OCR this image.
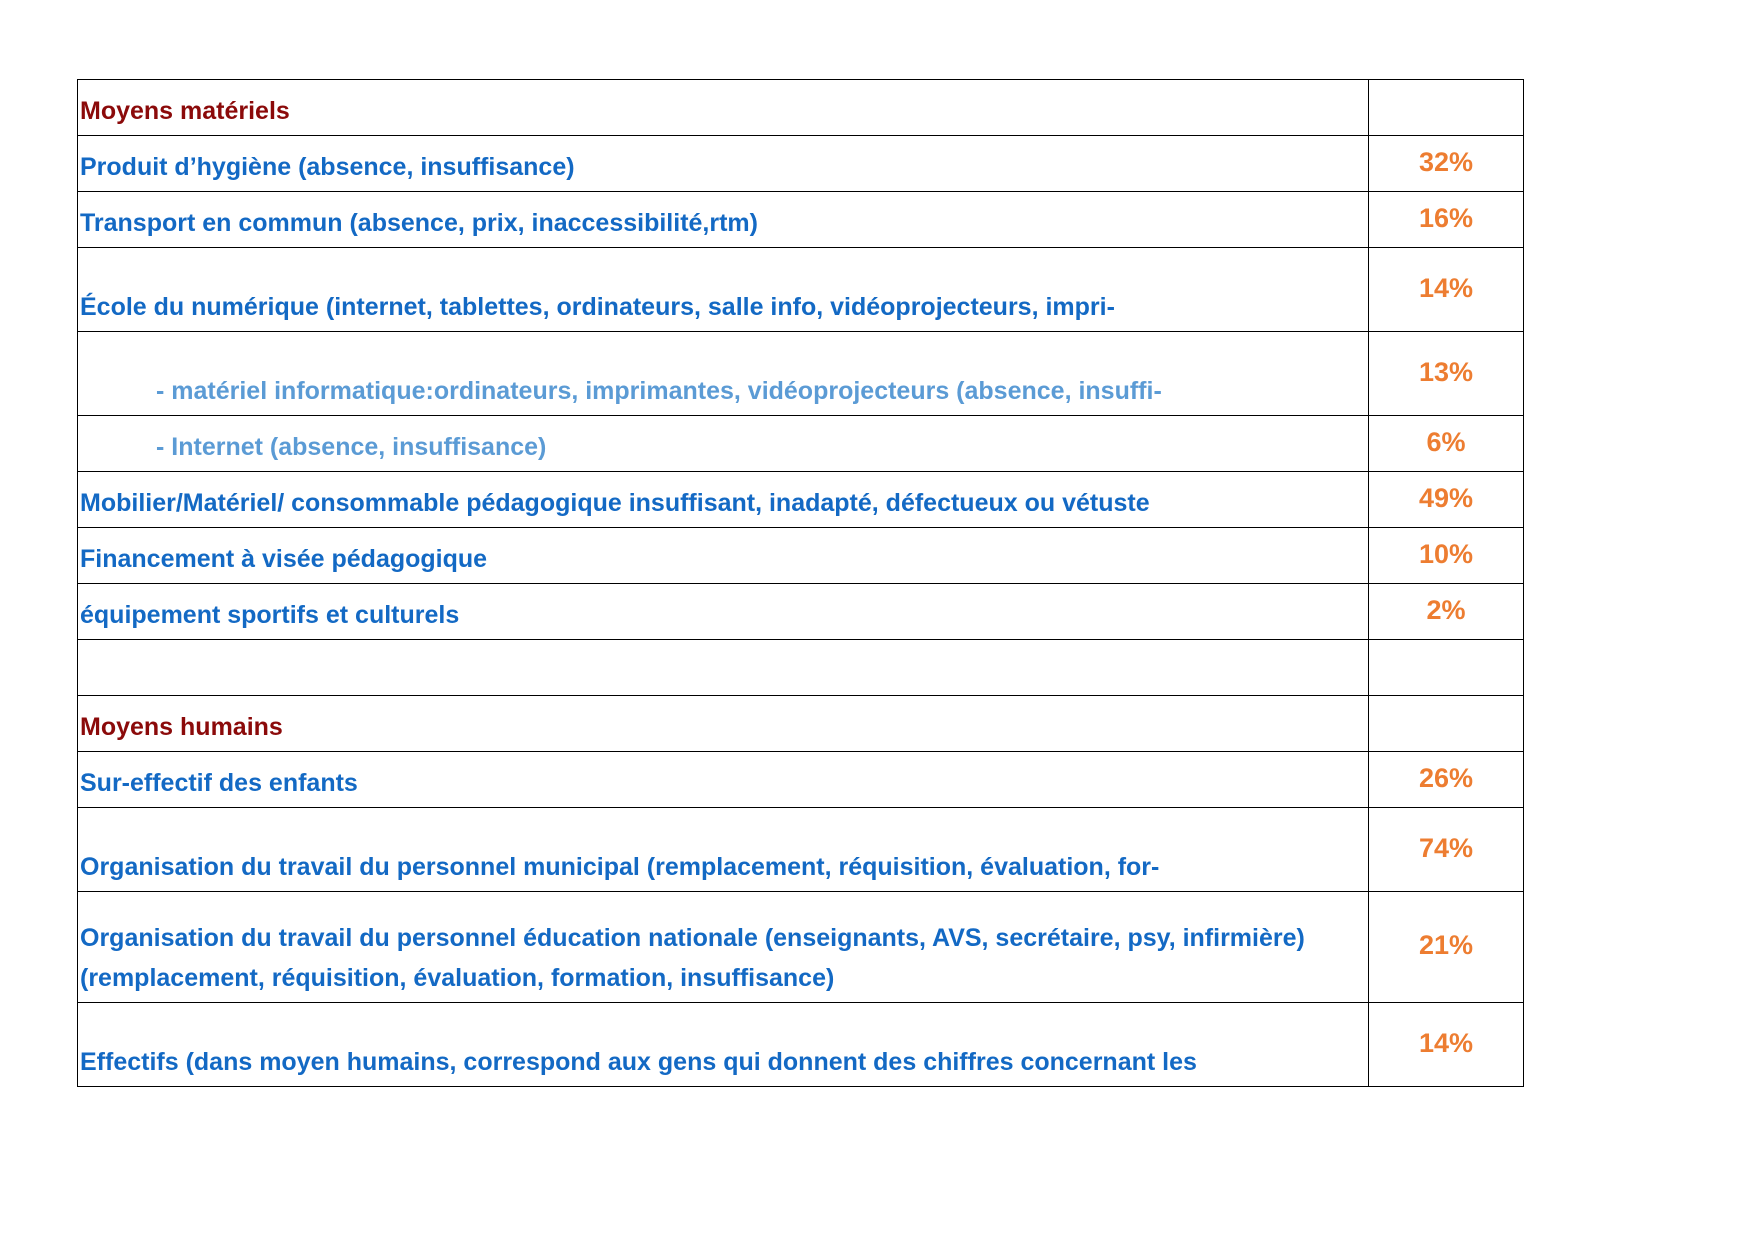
Moyens matériels	
Produit d’hygiène (absence, insuffisance)	32%
Transport en commun (absence, prix, inaccessibilité,rtm)	16%
École du numérique (internet, tablettes, ordinateurs, salle info, vidéoprojecteurs, impri-	14%
- matériel informatique:ordinateurs, imprimantes, vidéoprojecteurs (absence, insuffi-	13%
- Internet (absence, insuffisance)	6%
Mobilier/Matériel/ consommable pédagogique insuffisant, inadapté, défectueux ou vétuste	49%
Financement à visée pédagogique	10%
équipement sportifs et culturels	2%

Moyens humains	
Sur-effectif des enfants	26%
Organisation du travail du personnel municipal (remplacement, réquisition, évaluation, for-	74%
Organisation du travail du personnel éducation nationale (enseignants, AVS, secrétaire, psy, infirmière) (remplacement, réquisition, évaluation, formation, insuffisance)	21%
Effectifs (dans moyen humains, correspond aux gens qui donnent des chiffres concernant les	14%
